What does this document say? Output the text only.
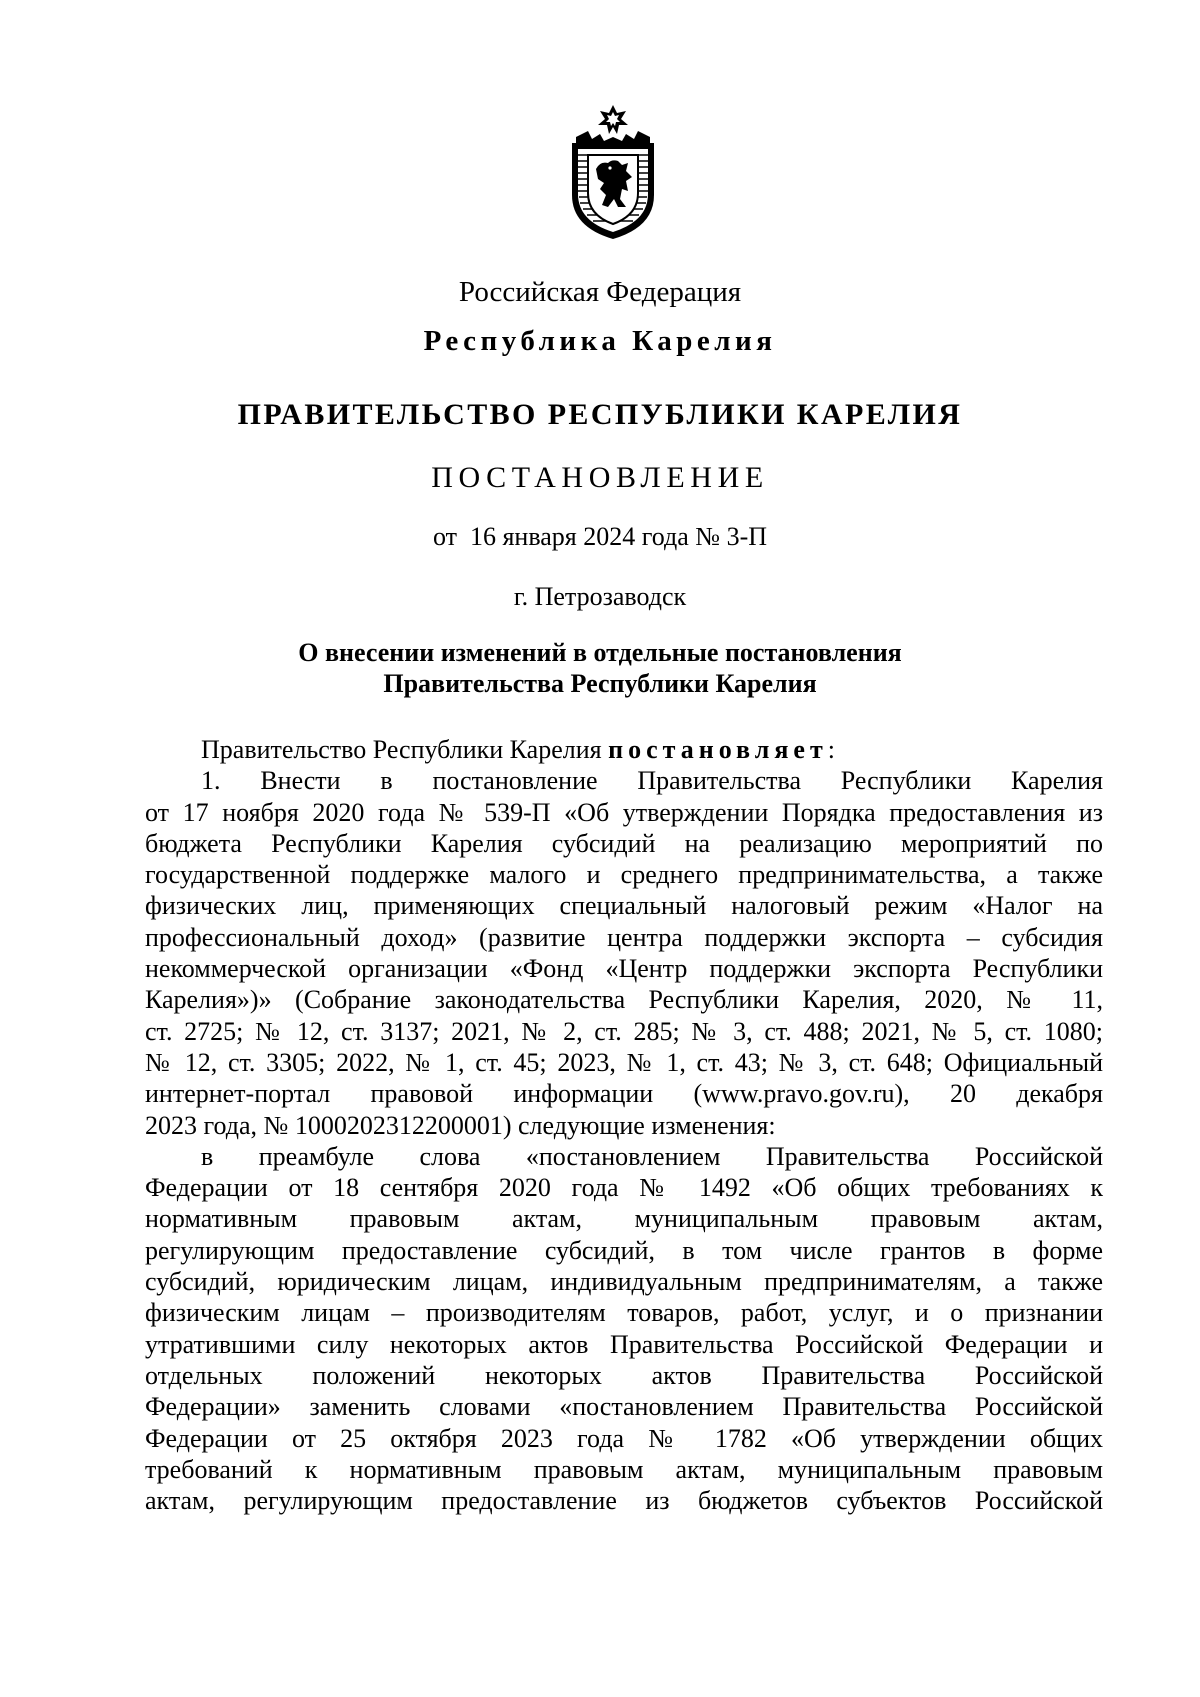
Российская Федерация
Республика Карелия
ПРАВИТЕЛЬСТВО РЕСПУБЛИКИ КАРЕЛИЯ
ПОСТАНОВЛЕНИЕ
от  16 января 2024 года № 3-П
г. Петрозаводск
О внесении изменений в отдельные постановления
Правительства Республики Карелия
Правительство Республики Карелия постановляет:
1. Внести в постановление Правительства Республики Карелия
от 17 ноября 2020 года № 539-П «Об утверждении Порядка предоставления из
бюджета Республики Карелия субсидий на реализацию мероприятий по
государственной поддержке малого и среднего предпринимательства, а также
физических лиц, применяющих специальный налоговый режим «Налог на
профессиональный доход» (развитие центра поддержки экспорта – субсидия
некоммерческой организации «Фонд «Центр поддержки экспорта Республики
Карелия»)» (Собрание законодательства Республики Карелия, 2020, № 11,
ст. 2725; № 12, ст. 3137; 2021, № 2, ст. 285; № 3, ст. 488; 2021, № 5, ст. 1080;
№ 12, ст. 3305; 2022, № 1, ст. 45; 2023, № 1, ст. 43; № 3, ст. 648; Официальный
интернет-портал правовой информации (www.pravo.gov.ru), 20 декабря
2023 года, № 1000202312200001) следующие изменения:
в преамбуле слова «постановлением Правительства Российской
Федерации от 18 сентября 2020 года № 1492 «Об общих требованиях к
нормативным правовым актам, муниципальным правовым актам,
регулирующим предоставление субсидий, в том числе грантов в форме
субсидий, юридическим лицам, индивидуальным предпринимателям, а также
физическим лицам – производителям товаров, работ, услуг, и о признании
утратившими силу некоторых актов Правительства Российской Федерации и
отдельных положений некоторых актов Правительства Российской
Федерации» заменить словами «постановлением Правительства Российской
Федерации от 25 октября 2023 года № 1782 «Об утверждении общих
требований к нормативным правовым актам, муниципальным правовым
актам, регулирующим предоставление из бюджетов субъектов Российской
